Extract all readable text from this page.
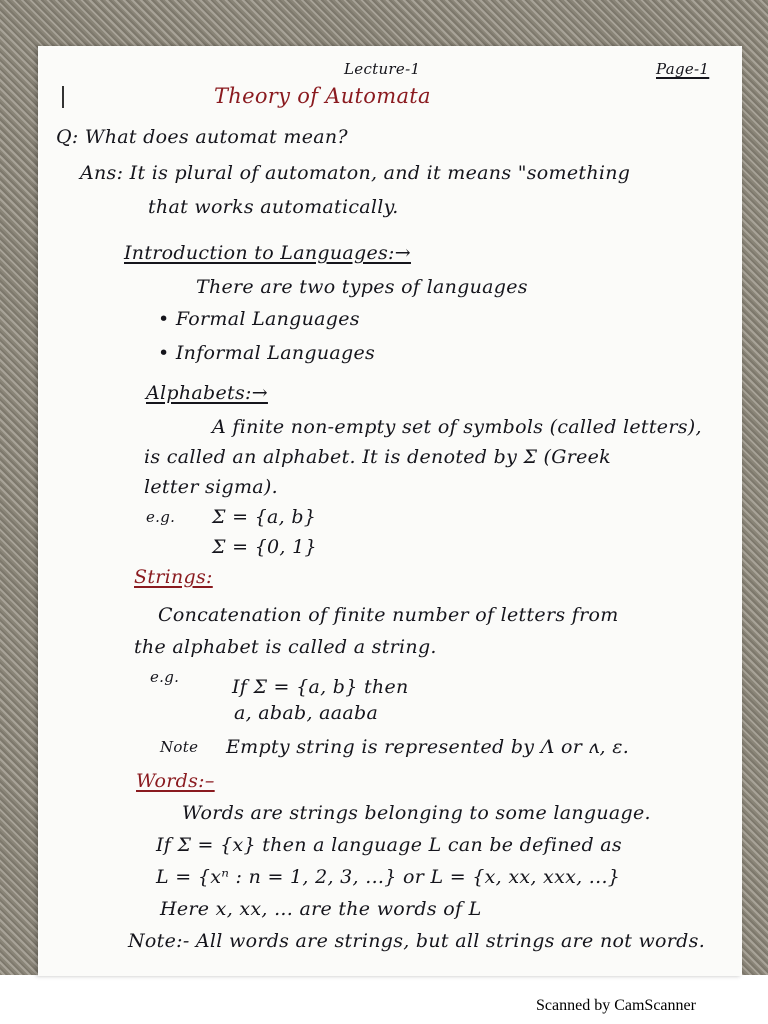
Lecture-1	Page-1
Theory of Automata
Q: What does automat mean?
Ans: It is plural of automaton, and it means "something
that works automatically.
Introduction to Languages:→
There are two types of languages
• Formal Languages
• Informal Languages
Alphabets:→
A finite non-empty set of symbols (called letters),
is called an alphabet. It is denoted by Σ (Greek
letter sigma).
e.g. Σ = {a, b}
Σ = {0, 1}
Strings:
Concatenation of finite number of letters from
the alphabet is called a string.
e.g.	If Σ = {a, b} then
a, abab, aaaba
Note Empty string is represented by Λ or ʌ, ε.
Words:–
Words are strings belonging to some language.
If Σ = {x} then a language L can be defined as
L = {xⁿ : n = 1, 2, 3, ...} or L = {x, xx, xxx, ...}
Here x, xx, ... are the words of L
Note:- All words are strings, but all strings are not words.
Scanned by CamScanner
